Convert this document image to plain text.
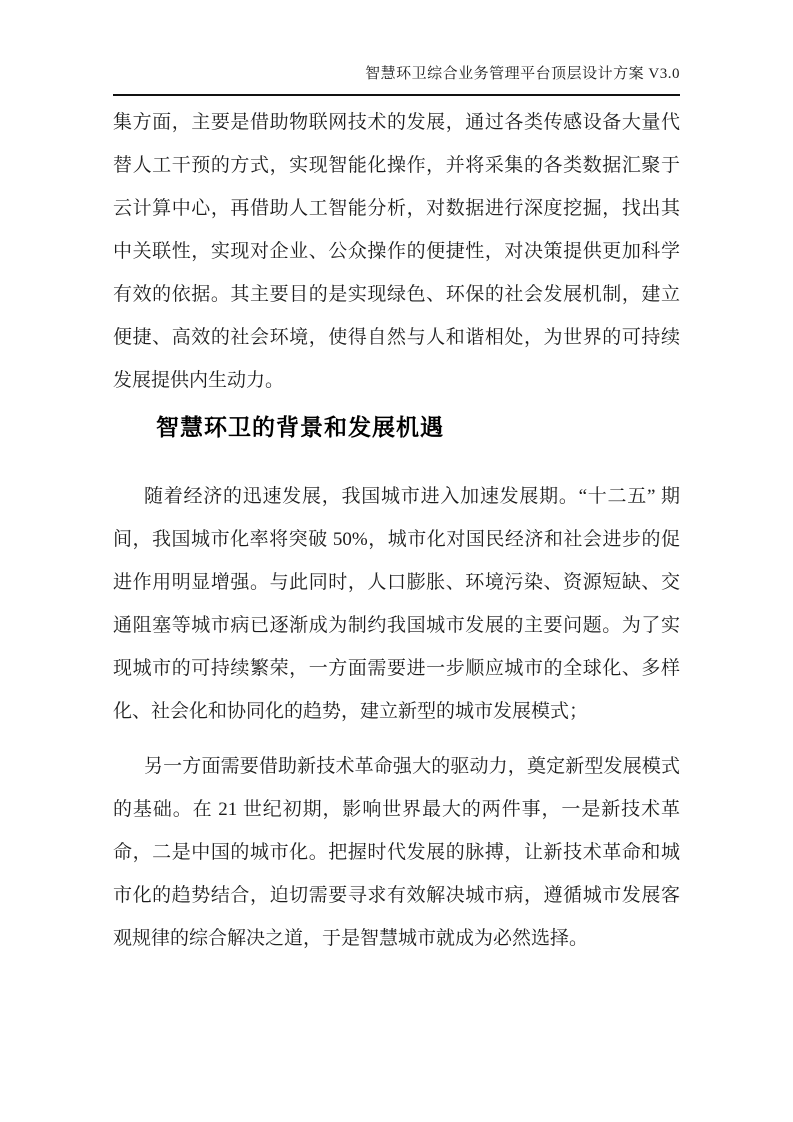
智慧环卫综合业务管理平台顶层设计方案 V3.0

集方面，主要是借助物联网技术的发展，通过各类传感设备大量代替人工干预的方式，实现智能化操作，并将采集的各类数据汇聚于云计算中心，再借助人工智能分析，对数据进行深度挖掘，找出其中关联性，实现对企业、公众操作的便捷性，对决策提供更加科学有效的依据。其主要目的是实现绿色、环保的社会发展机制，建立便捷、高效的社会环境，使得自然与人和谐相处，为世界的可持续发展提供内生动力。

智慧环卫的背景和发展机遇

随着经济的迅速发展，我国城市进入加速发展期。“十二五” 期间，我国城市化率将突破 50%，城市化对国民经济和社会进步的促进作用明显增强。与此同时，人口膨胀、环境污染、资源短缺、交通阻塞等城市病已逐渐成为制约我国城市发展的主要问题。为了实现城市的可持续繁荣，一方面需要进一步顺应城市的全球化、多样化、社会化和协同化的趋势，建立新型的城市发展模式；

另一方面需要借助新技术革命强大的驱动力，奠定新型发展模式的基础。在 21 世纪初期，影响世界最大的两件事，一是新技术革命，二是中国的城市化。把握时代发展的脉搏，让新技术革命和城市化的趋势结合，迫切需要寻求有效解决城市病，遵循城市发展客观规律的综合解决之道，于是智慧城市就成为必然选择。
